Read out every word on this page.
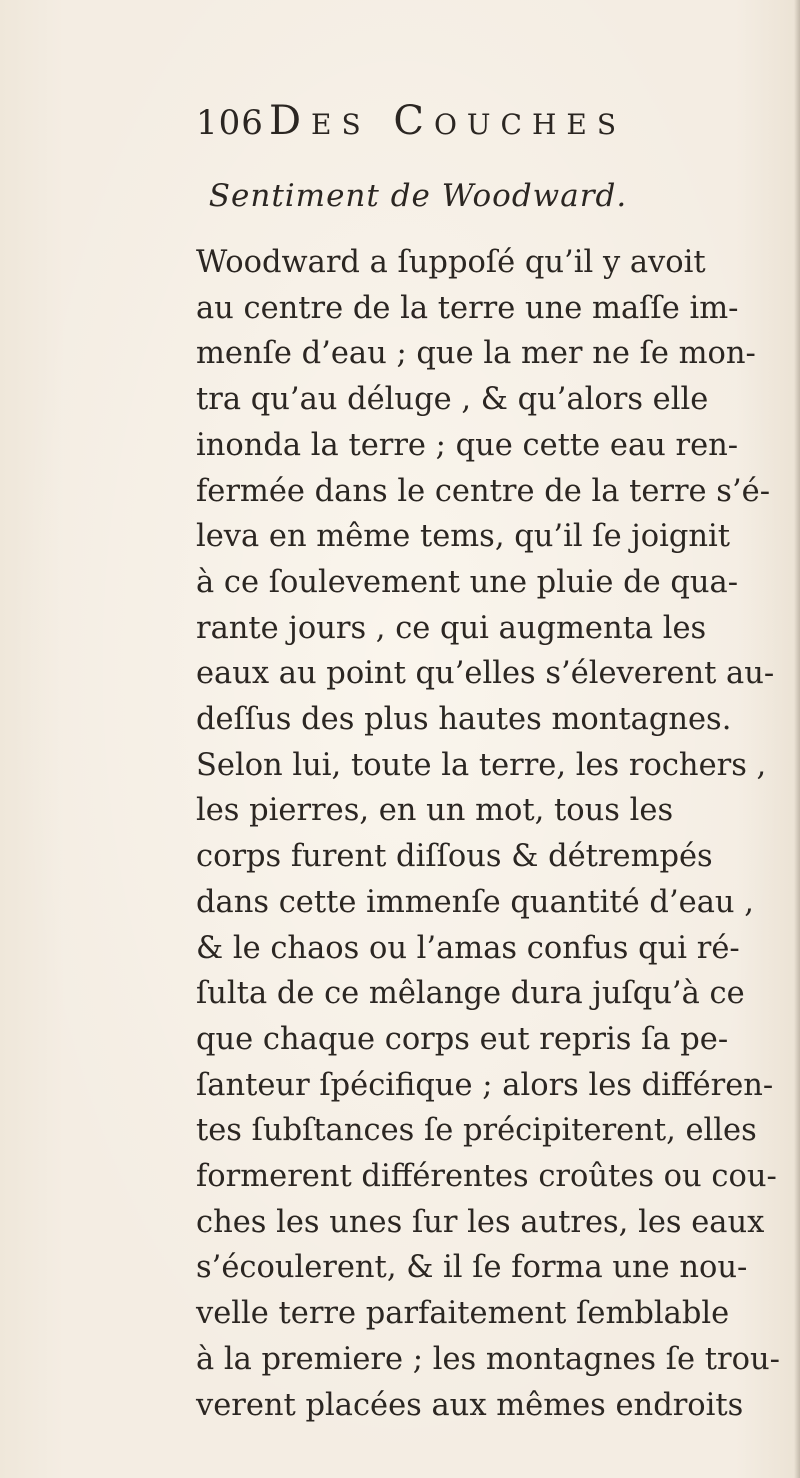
106 Des Couches
Sentiment de Woodward.
Woodward a ſuppoſé qu’il y avoit
au centre de la terre une maſſe im-
menſe d’eau ; que la mer ne ſe mon-
tra qu’au déluge , & qu’alors elle
inonda la terre ; que cette eau ren-
fermée dans le centre de la terre s’é-
leva en même tems, qu’il ſe joignit
à ce ſoulevement une pluie de qua-
rante jours , ce qui augmenta les
eaux au point qu’elles s’éleverent au-
deſſus des plus hautes montagnes.
Selon lui, toute la terre, les rochers ,
les pierres, en un mot, tous les
corps furent diſſous & détrempés
dans cette immenſe quantité d’eau ,
& le chaos ou l’amas confus qui ré-
ſulta de ce mêlange dura juſqu’à ce
que chaque corps eut repris ſa pe-
ſanteur ſpécifique ; alors les différen-
tes ſubſtances ſe précipiterent, elles
formerent différentes croûtes ou cou-
ches les unes ſur les autres, les eaux
s’écoulerent, & il ſe forma une nou-
velle terre parfaitement ſemblable
à la premiere ; les montagnes ſe trou-
verent placées aux mêmes endroits
